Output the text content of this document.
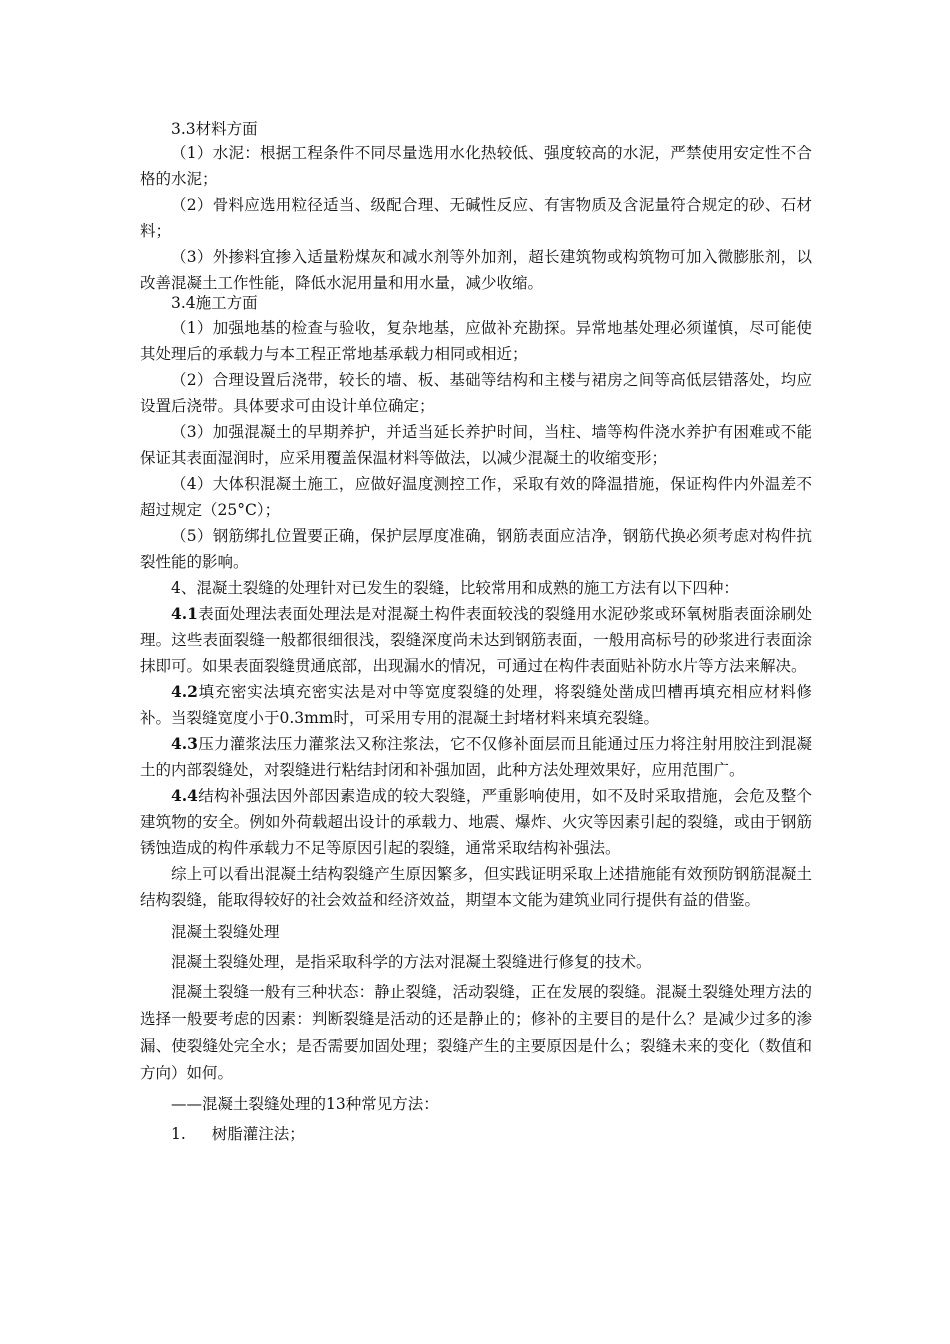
3.3材料方面

（1）水泥：根据工程条件不同尽量选用水化热较低、强度较高的水泥，严禁使用安定性不合格的水泥；

（2）骨料应选用粒径适当、级配合理、无碱性反应、有害物质及含泥量符合规定的砂、石材料；

（3）外掺料宜掺入适量粉煤灰和减水剂等外加剂，超长建筑物或构筑物可加入微膨胀剂，以改善混凝土工作性能，降低水泥用量和用水量，减少收缩。

3.4施工方面

（1）加强地基的检查与验收，复杂地基，应做补充勘探。异常地基处理必须谨慎，尽可能使其处理后的承载力与本工程正常地基承载力相同或相近；

（2）合理设置后浇带，较长的墙、板、基础等结构和主楼与裙房之间等高低层错落处，均应设置后浇带。具体要求可由设计单位确定；

（3）加强混凝土的早期养护，并适当延长养护时间，当柱、墙等构件浇水养护有困难或不能保证其表面湿润时，应采用覆盖保温材料等做法，以减少混凝土的收缩变形；

（4）大体积混凝土施工，应做好温度测控工作，采取有效的降温措施，保证构件内外温差不超过规定（25°C）；

（5）钢筋绑扎位置要正确，保护层厚度准确，钢筋表面应洁净，钢筋代换必须考虑对构件抗裂性能的影响。

4、混凝土裂缝的处理针对已发生的裂缝，比较常用和成熟的施工方法有以下四种：

4.1表面处理法表面处理法是对混凝土构件表面较浅的裂缝用水泥砂浆或环氧树脂表面涂刷处理。这些表面裂缝一般都很细很浅，裂缝深度尚未达到钢筋表面，一般用高标号的砂浆进行表面涂抹即可。如果表面裂缝贯通底部，出现漏水的情况，可通过在构件表面贴补防水片等方法来解决。

4.2填充密实法填充密实法是对中等宽度裂缝的处理，将裂缝处凿成凹槽再填充相应材料修补。当裂缝宽度小于0.3mm时，可采用专用的混凝土封堵材料来填充裂缝。

4.3压力灌浆法压力灌浆法又称注浆法，它不仅修补面层而且能通过压力将注射用胶注到混凝土的内部裂缝处，对裂缝进行粘结封闭和补强加固，此种方法处理效果好，应用范围广。

4.4结构补强法因外部因素造成的较大裂缝，严重影响使用，如不及时采取措施，会危及整个建筑物的安全。例如外荷载超出设计的承载力、地震、爆炸、火灾等因素引起的裂缝，或由于钢筋锈蚀造成的构件承载力不足等原因引起的裂缝，通常采取结构补强法。

综上可以看出混凝土结构裂缝产生原因繁多，但实践证明采取上述措施能有效预防钢筋混凝土结构裂缝，能取得较好的社会效益和经济效益，期望本文能为建筑业同行提供有益的借鉴。

混凝土裂缝处理

混凝土裂缝处理，是指采取科学的方法对混凝土裂缝进行修复的技术。

混凝土裂缝一般有三种状态：静止裂缝，活动裂缝，正在发展的裂缝。混凝土裂缝处理方法的选择一般要考虑的因素：判断裂缝是活动的还是静止的；修补的主要目的是什么？是减少过多的渗漏、使裂缝处完全水；是否需要加固处理；裂缝产生的主要原因是什么；裂缝未来的变化（数值和方向）如何。

——混凝土裂缝处理的13种常见方法：

1. 树脂灌注法；
